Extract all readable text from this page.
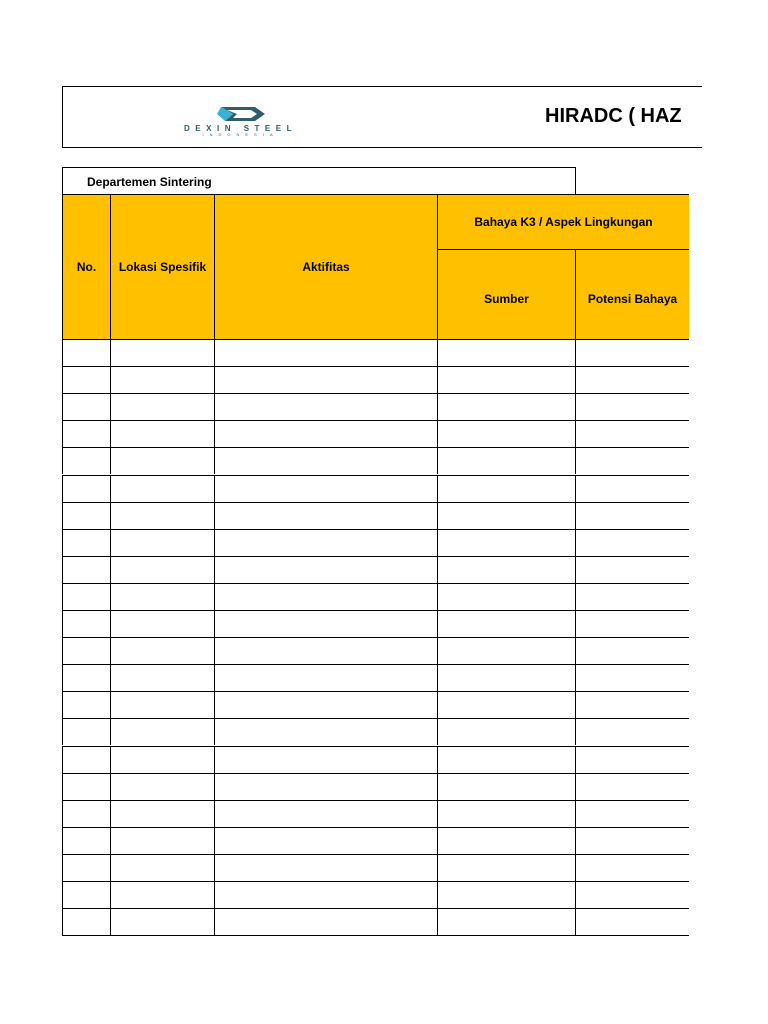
DEXIN STEEL
INDONESIA
HIRADC ( HAZ
Departemen Sintering
No.	Lokasi Spesifik	Aktifitas
Bahaya K3 / Aspek Lingkungan
Sumber	Potensi Bahaya
